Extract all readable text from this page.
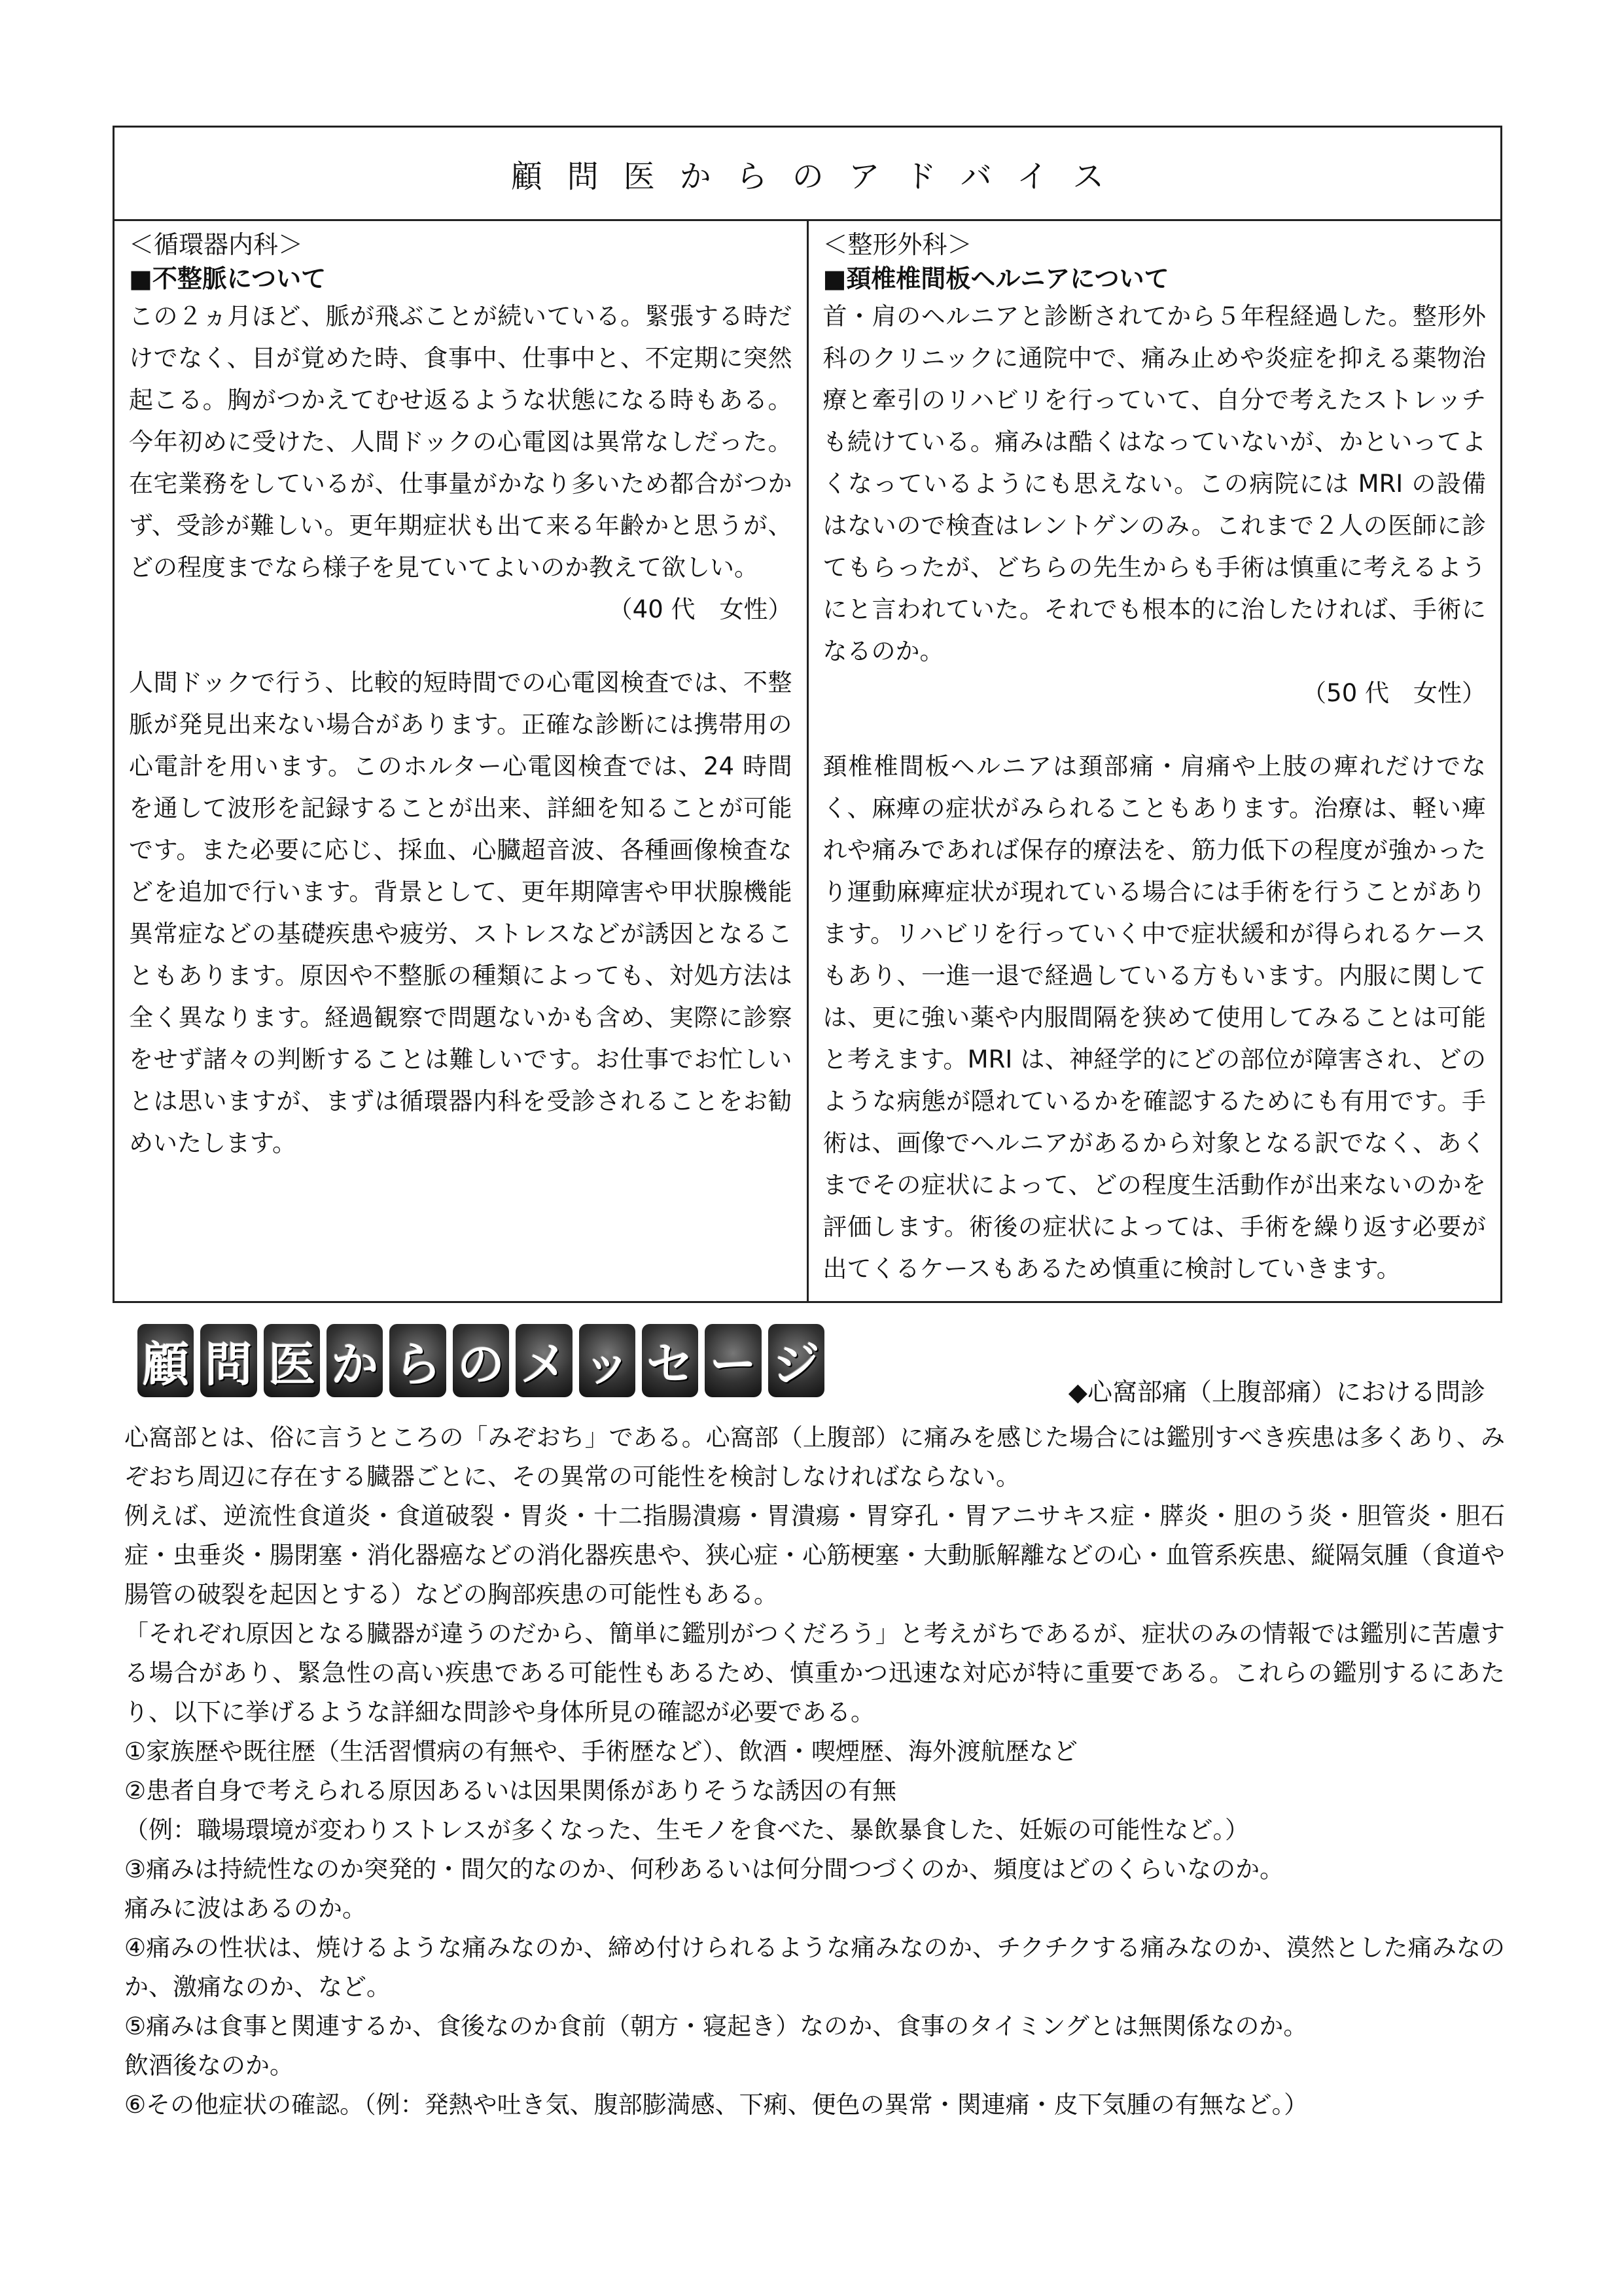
顧問医からのアドバイス
＜循環器内科＞
■不整脈について

この２ヵ月ほど、脈が飛ぶことが続いている。緊張する時だけでなく、目が覚めた時、食事中、仕事中と、不定期に突然起こる。胸がつかえてむせ返るような状態になる時もある。今年初めに受けた、人間ドックの心電図は異常なしだった。在宅業務をしているが、仕事量がかなり多いため都合がつかず、受診が難しい。更年期症状も出て来る年齢かと思うが、どの程度までなら様子を見ていてよいのか教えて欲しい。

（40 代　女性）

人間ドックで行う、比較的短時間での心電図検査では、不整脈が発見出来ない場合があります。正確な診断には携帯用の心電計を用います。このホルター心電図検査では、24 時間を通して波形を記録することが出来、詳細を知ることが可能です。また必要に応じ、採血、心臓超音波、各種画像検査などを追加で行います。背景として、更年期障害や甲状腺機能異常症などの基礎疾患や疲労、ストレスなどが誘因となることもあります。原因や不整脈の種類によっても、対処方法は全く異なります。経過観察で問題ないかも含め、実際に診察をせず諸々の判断することは難しいです。お仕事でお忙しいとは思いますが、まずは循環器内科を受診されることをお勧めいたします。

＜整形外科＞
■頚椎椎間板ヘルニアについて

首・肩のヘルニアと診断されてから５年程経過した。整形外科のクリニックに通院中で、痛み止めや炎症を抑える薬物治療と牽引のリハビリを行っていて、自分で考えたストレッチも続けている。痛みは酷くはなっていないが、かといってよくなっているようにも思えない。この病院には MRI の設備はないので検査はレントゲンのみ。これまで２人の医師に診てもらったが、どちらの先生からも手術は慎重に考えるようにと言われていた。それでも根本的に治したければ、手術になるのか。

（50 代　女性）

頚椎椎間板ヘルニアは頚部痛・肩痛や上肢の痺れだけでなく、麻痺の症状がみられることもあります。治療は、軽い痺れや痛みであれば保存的療法を、筋力低下の程度が強かったり運動麻痺症状が現れている場合には手術を行うことがあります。リハビリを行っていく中で症状緩和が得られるケースもあり、一進一退で経過している方もいます。内服に関しては、更に強い薬や内服間隔を狭めて使用してみることは可能と考えます。MRI は、神経学的にどの部位が障害され、どのような病態が隠れているかを確認するためにも有用です。手術は、画像でヘルニアがあるから対象となる訳でなく、あくまでその症状によって、どの程度生活動作が出来ないのかを評価します。術後の症状によっては、手術を繰り返す必要が出てくるケースもあるため慎重に検討していきます。

顧 問 医 か ら の メ ッ セ ー ジ	◆心窩部痛（上腹部痛）における問診

心窩部とは、俗に言うところの「みぞおち」である。心窩部（上腹部）に痛みを感じた場合には鑑別すべき疾患は多くあり、みぞおち周辺に存在する臓器ごとに、その異常の可能性を検討しなければならない。

例えば、逆流性食道炎・食道破裂・胃炎・十二指腸潰瘍・胃潰瘍・胃穿孔・胃アニサキス症・膵炎・胆のう炎・胆管炎・胆石症・虫垂炎・腸閉塞・消化器癌などの消化器疾患や、狭心症・心筋梗塞・大動脈解離などの心・血管系疾患、縦隔気腫（食道や腸管の破裂を起因とする）などの胸部疾患の可能性もある。

「それぞれ原因となる臓器が違うのだから、簡単に鑑別がつくだろう」と考えがちであるが、症状のみの情報では鑑別に苦慮する場合があり、緊急性の高い疾患である可能性もあるため、慎重かつ迅速な対応が特に重要である。これらの鑑別するにあたり、以下に挙げるような詳細な問診や身体所見の確認が必要である。

①家族歴や既往歴（生活習慣病の有無や、手術歴など）、飲酒・喫煙歴、海外渡航歴など

②患者自身で考えられる原因あるいは因果関係がありそうな誘因の有無

（例：職場環境が変わりストレスが多くなった、生モノを食べた、暴飲暴食した、妊娠の可能性など。）

③痛みは持続性なのか突発的・間欠的なのか、何秒あるいは何分間つづくのか、頻度はどのくらいなのか。

痛みに波はあるのか。

④痛みの性状は、焼けるような痛みなのか、締め付けられるような痛みなのか、チクチクする痛みなのか、漠然とした痛みなのか、激痛なのか、など。

⑤痛みは食事と関連するか、食後なのか食前（朝方・寝起き）なのか、食事のタイミングとは無関係なのか。

飲酒後なのか。

⑥その他症状の確認。（例：発熱や吐き気、腹部膨満感、下痢、便色の異常・関連痛・皮下気腫の有無など。）
